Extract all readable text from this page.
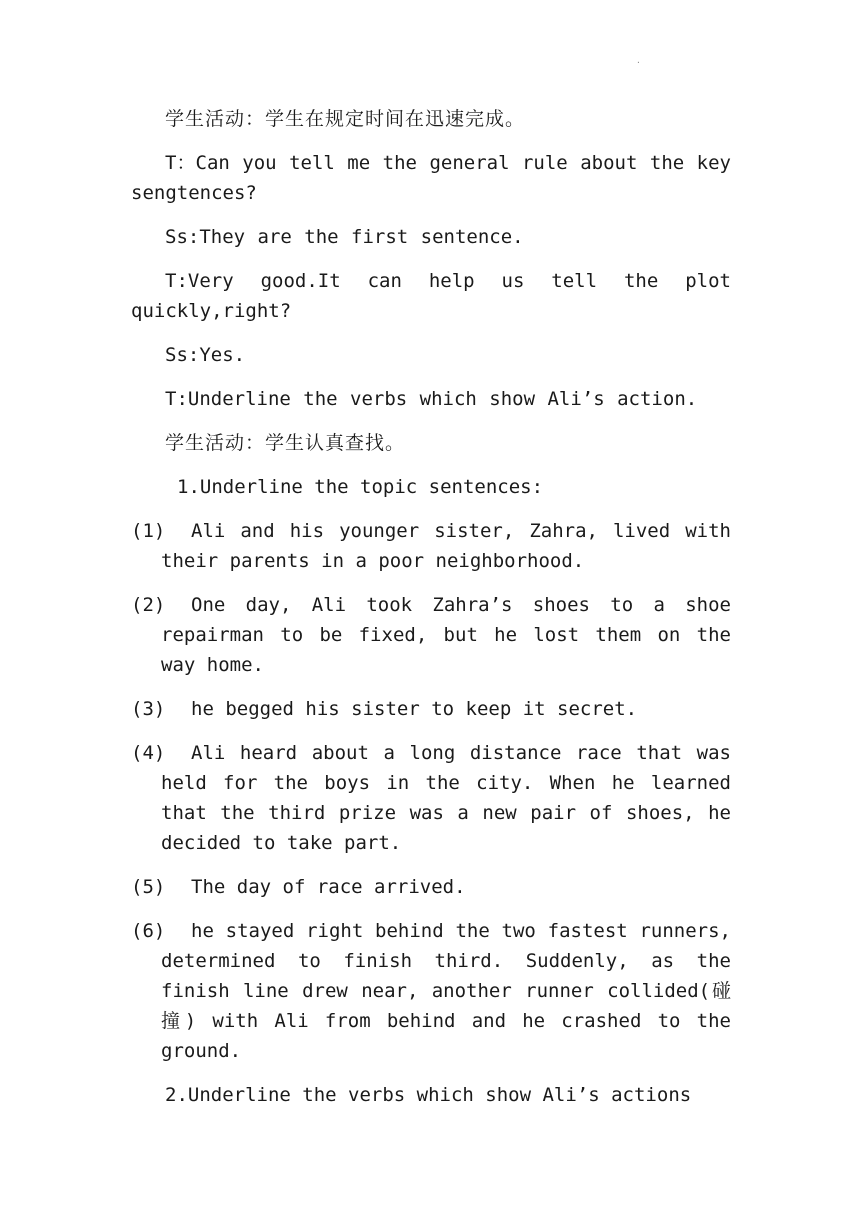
·

学生活动：学生在规定时间在迅速完成。

T：Can you tell me the general rule about the key sengtences?

Ss:They are the first sentence.

T:Very good.It can help us tell the plot quickly,right?

Ss:Yes.

T:Underline the verbs which show Ali’s action.

学生活动：学生认真查找。

1.Underline the topic sentences:

(1)	Ali and his younger sister, Zahra, lived with their parents in a poor neighborhood.
(2)	One day, Ali took Zahra’s shoes to a shoe repairman to be fixed, but he lost them on the way home.
(3)	he begged his sister to keep it secret.
(4)	Ali heard about a long distance race that was held for the boys in the city. When he learned that the third prize was a new pair of shoes, he decided to take part.
(5)	The day of race arrived.
(6)	he stayed right behind the two fastest runners, determined to finish third. Suddenly, as the finish line drew near, another runner collided(碰撞) with Ali from behind and he crashed to the ground.

2.Underline the verbs which show Ali’s actions
